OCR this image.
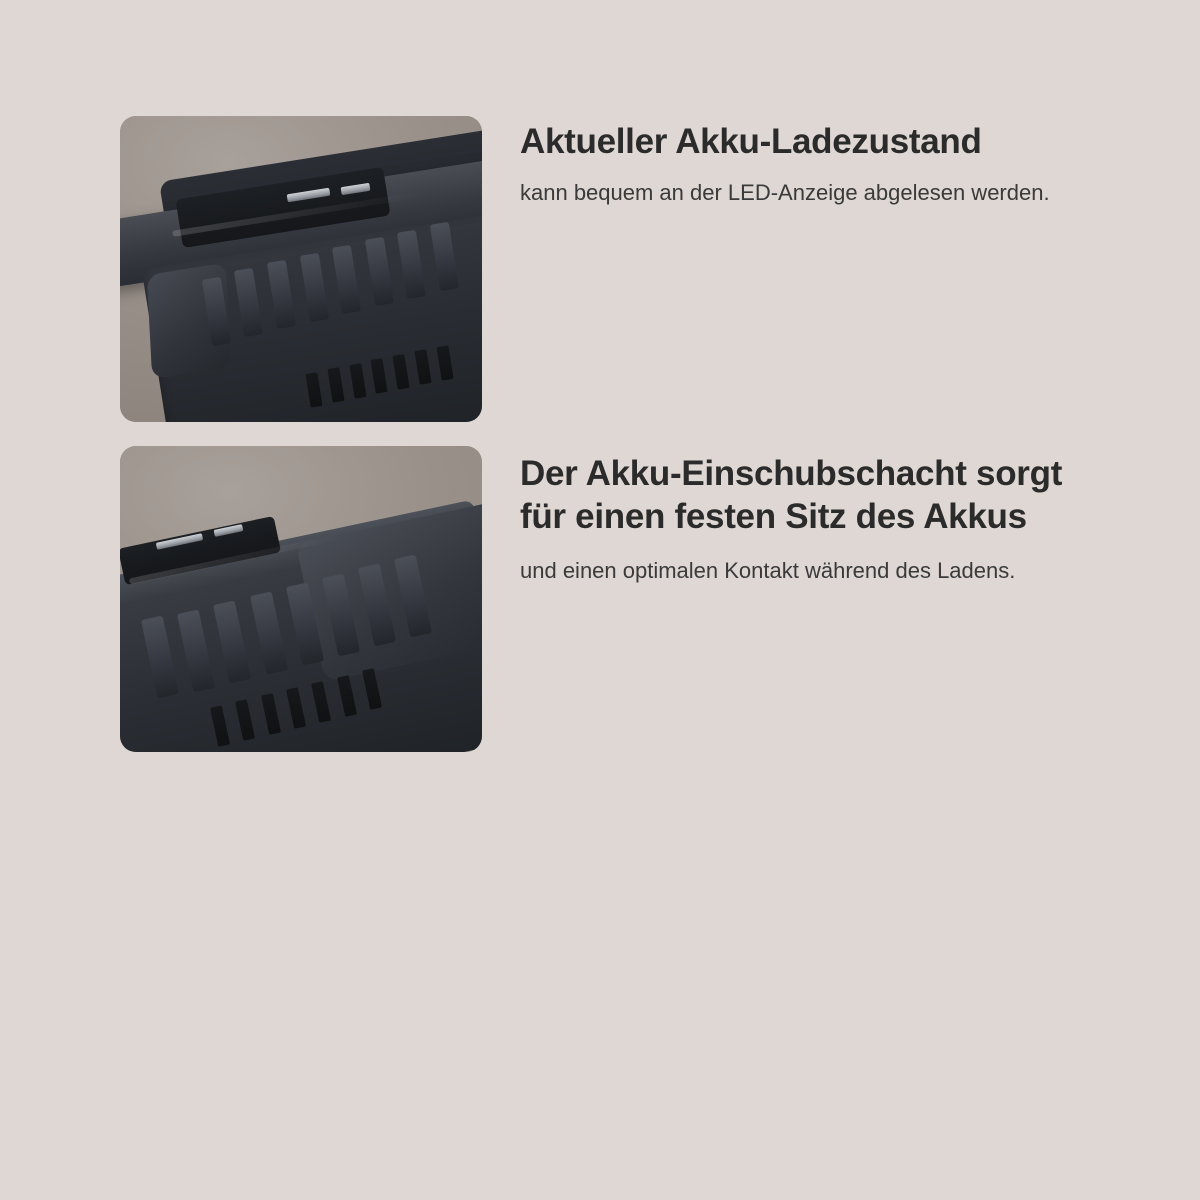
Aktueller Akku-Ladezustand

kann bequem an der LED-Anzeige abgelesen werden.

Der Akku-Einschubschacht sorgt für einen festen Sitz des Akkus

und einen optimalen Kontakt während des Ladens.
